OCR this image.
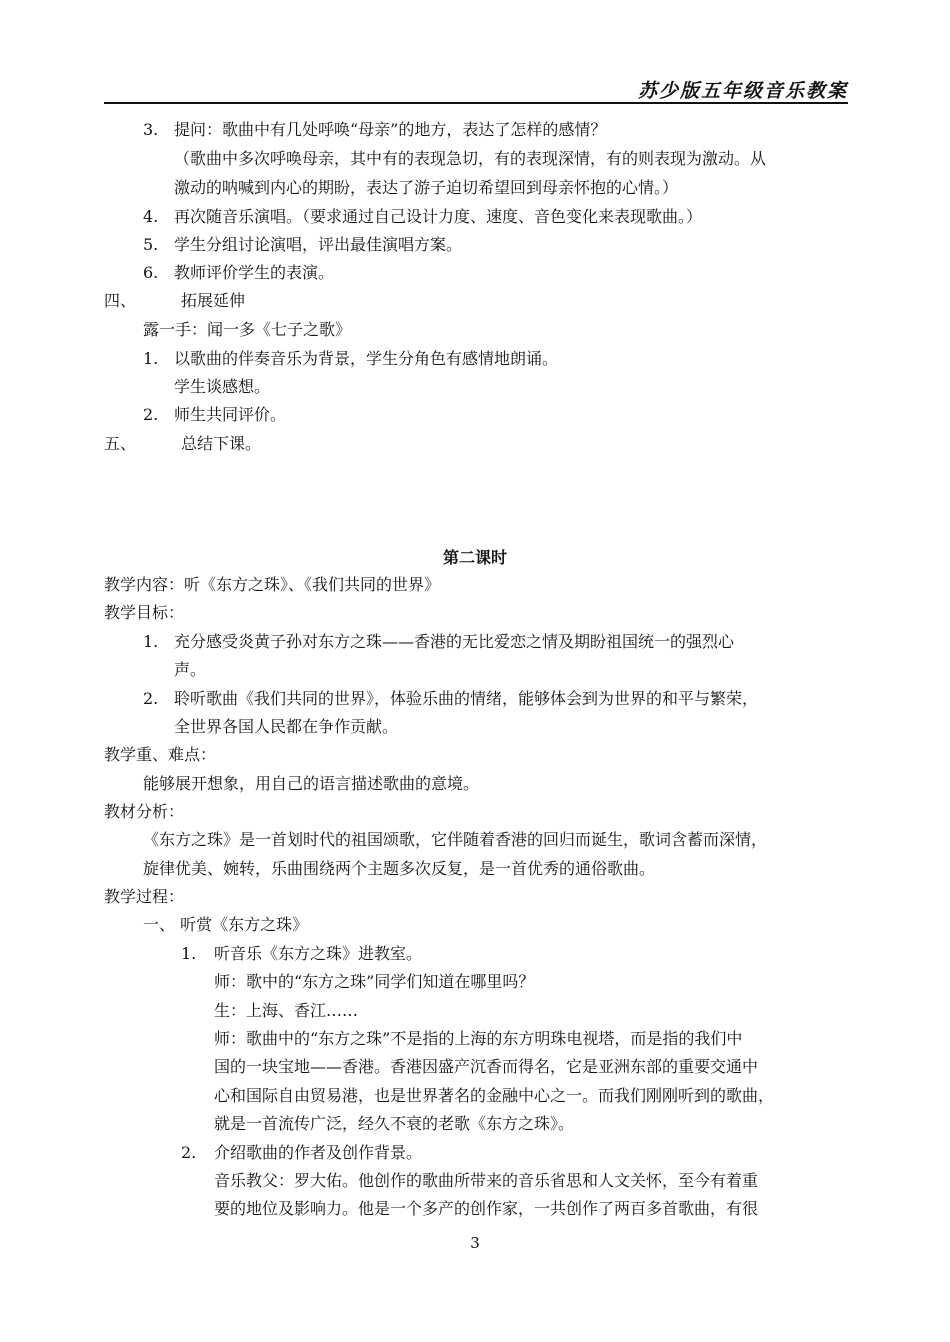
苏少版五年级音乐教案
3. 提问：歌曲中有几处呼唤“母亲”的地方，表达了怎样的感情？
（歌曲中多次呼唤母亲，其中有的表现急切，有的表现深情，有的则表现为激动。从
激动的呐喊到内心的期盼，表达了游子迫切希望回到母亲怀抱的心情。）
4. 再次随音乐演唱。（要求通过自己设计力度、速度、音色变化来表现歌曲。）
5. 学生分组讨论演唱，评出最佳演唱方案。
6. 教师评价学生的表演。
四、	拓展延伸
露一手：闻一多《七子之歌》
1. 以歌曲的伴奏音乐为背景，学生分角色有感情地朗诵。
学生谈感想。
2. 师生共同评价。
五、	总结下课。
第二课时
教学内容：听《东方之珠》、《我们共同的世界》
教学目标：
1. 充分感受炎黄子孙对东方之珠——香港的无比爱恋之情及期盼祖国统一的强烈心
声。
2. 聆听歌曲《我们共同的世界》，体验乐曲的情绪，能够体会到为世界的和平与繁荣，
全世界各国人民都在争作贡献。
教学重、难点：
能够展开想象，用自己的语言描述歌曲的意境。
教材分析：
《东方之珠》是一首划时代的祖国颂歌，它伴随着香港的回归而诞生，歌词含蓄而深情，
旋律优美、婉转，乐曲围绕两个主题多次反复，是一首优秀的通俗歌曲。
教学过程：
一、 听赏《东方之珠》
1. 听音乐《东方之珠》进教室。
师：歌中的“东方之珠”同学们知道在哪里吗？
生：上海、香江……
师：歌曲中的“东方之珠”不是指的上海的东方明珠电视塔，而是指的我们中
国的一块宝地——香港。香港因盛产沉香而得名，它是亚洲东部的重要交通中
心和国际自由贸易港，也是世界著名的金融中心之一。而我们刚刚听到的歌曲，
就是一首流传广泛，经久不衰的老歌《东方之珠》。
2. 介绍歌曲的作者及创作背景。
音乐教父：罗大佑。他创作的歌曲所带来的音乐省思和人文关怀，至今有着重
要的地位及影响力。他是一个多产的创作家，一共创作了两百多首歌曲，有很
3
